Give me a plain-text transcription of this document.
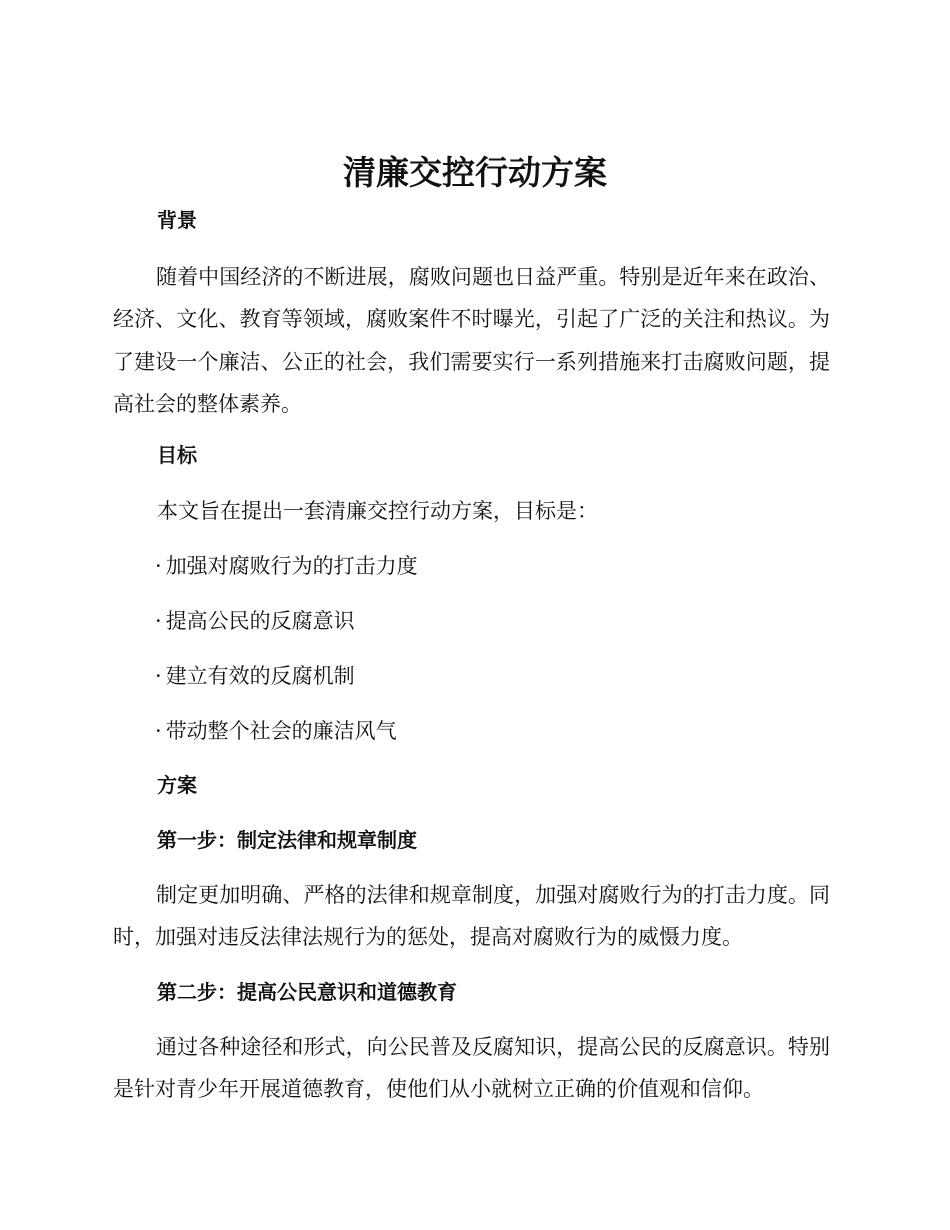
清廉交控行动方案
背景

随着中国经济的不断进展，腐败问题也日益严重。特别是近年来在政治、经济、文化、教育等领域，腐败案件不时曝光，引起了广泛的关注和热议。为了建设一个廉洁、公正的社会，我们需要实行一系列措施来打击腐败问题，提高社会的整体素养。

目标

本文旨在提出一套清廉交控行动方案，目标是：

· 加强对腐败行为的打击力度
· 提高公民的反腐意识
· 建立有效的反腐机制
· 带动整个社会的廉洁风气
方案
第一步：制定法律和规章制度

制定更加明确、严格的法律和规章制度，加强对腐败行为的打击力度。同时，加强对违反法律法规行为的惩处，提高对腐败行为的威慑力度。

第二步：提高公民意识和道德教育

通过各种途径和形式，向公民普及反腐知识，提高公民的反腐意识。特别是针对青少年开展道德教育，使他们从小就树立正确的价值观和信仰。
